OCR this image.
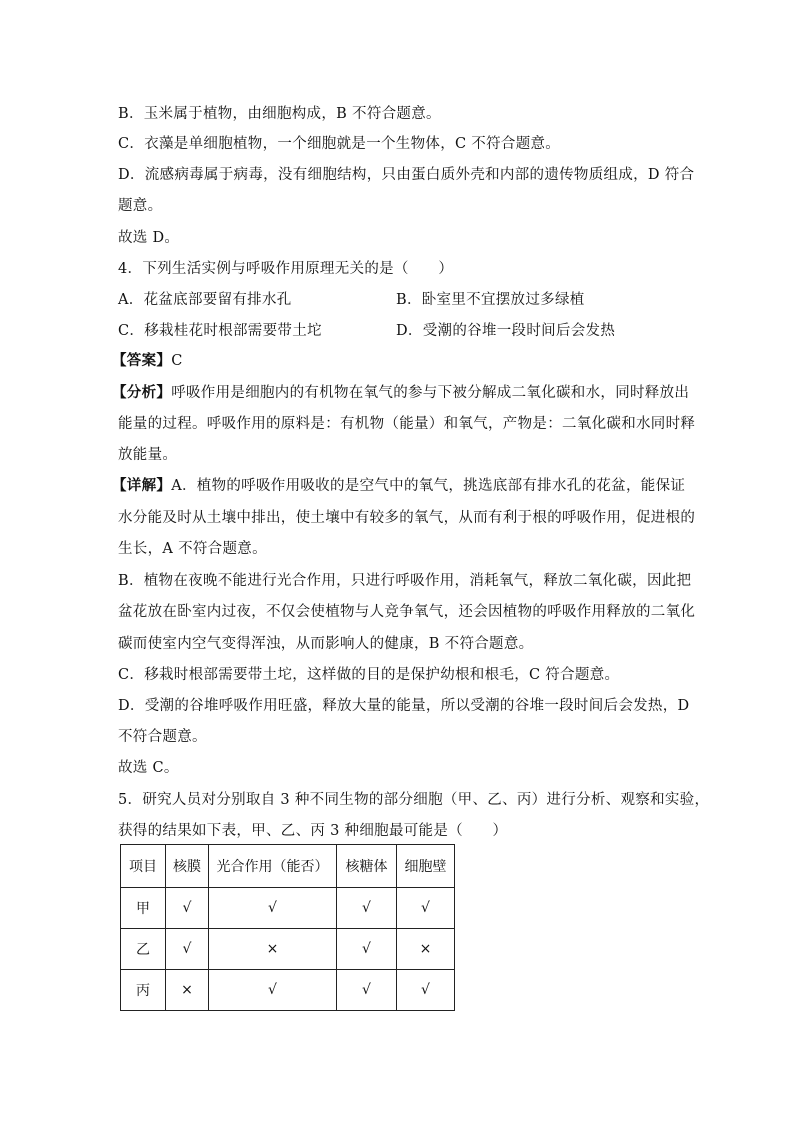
B．玉米属于植物，由细胞构成，B 不符合题意。
C．衣藻是单细胞植物，一个细胞就是一个生物体，C 不符合题意。
D．流感病毒属于病毒，没有细胞结构，只由蛋白质外壳和内部的遗传物质组成，D 符合
题意。
故选 D。
4．下列生活实例与呼吸作用原理无关的是（　　）
A．花盆底部要留有排水孔	B．卧室里不宜摆放过多绿植
C．移栽桂花时根部需要带土坨	D．受潮的谷堆一段时间后会发热
【答案】C
【分析】呼吸作用是细胞内的有机物在氧气的参与下被分解成二氧化碳和水，同时释放出
能量的过程。呼吸作用的原料是：有机物（能量）和氧气，产物是：二氧化碳和水同时释
放能量。
【详解】A．植物的呼吸作用吸收的是空气中的氧气，挑选底部有排水孔的花盆，能保证
水分能及时从土壤中排出，使土壤中有较多的氧气，从而有利于根的呼吸作用，促进根的
生长，A 不符合题意。
B．植物在夜晚不能进行光合作用，只进行呼吸作用，消耗氧气，释放二氧化碳，因此把
盆花放在卧室内过夜，不仅会使植物与人竞争氧气，还会因植物的呼吸作用释放的二氧化
碳而使室内空气变得浑浊，从而影响人的健康，B 不符合题意。
C．移栽时根部需要带土坨，这样做的目的是保护幼根和根毛，C 符合题意。
D．受潮的谷堆呼吸作用旺盛，释放大量的能量，所以受潮的谷堆一段时间后会发热，D
不符合题意。
故选 C。
5．研究人员对分别取自 3 种不同生物的部分细胞（甲、乙、丙）进行分析、观察和实验，
获得的结果如下表，甲、乙、丙 3 种细胞最可能是（　　）
项目	核膜	光合作用（能否）	核糖体	细胞壁
甲	√	√	√	√
乙	√	×	√	×
丙	×	√	√	√
